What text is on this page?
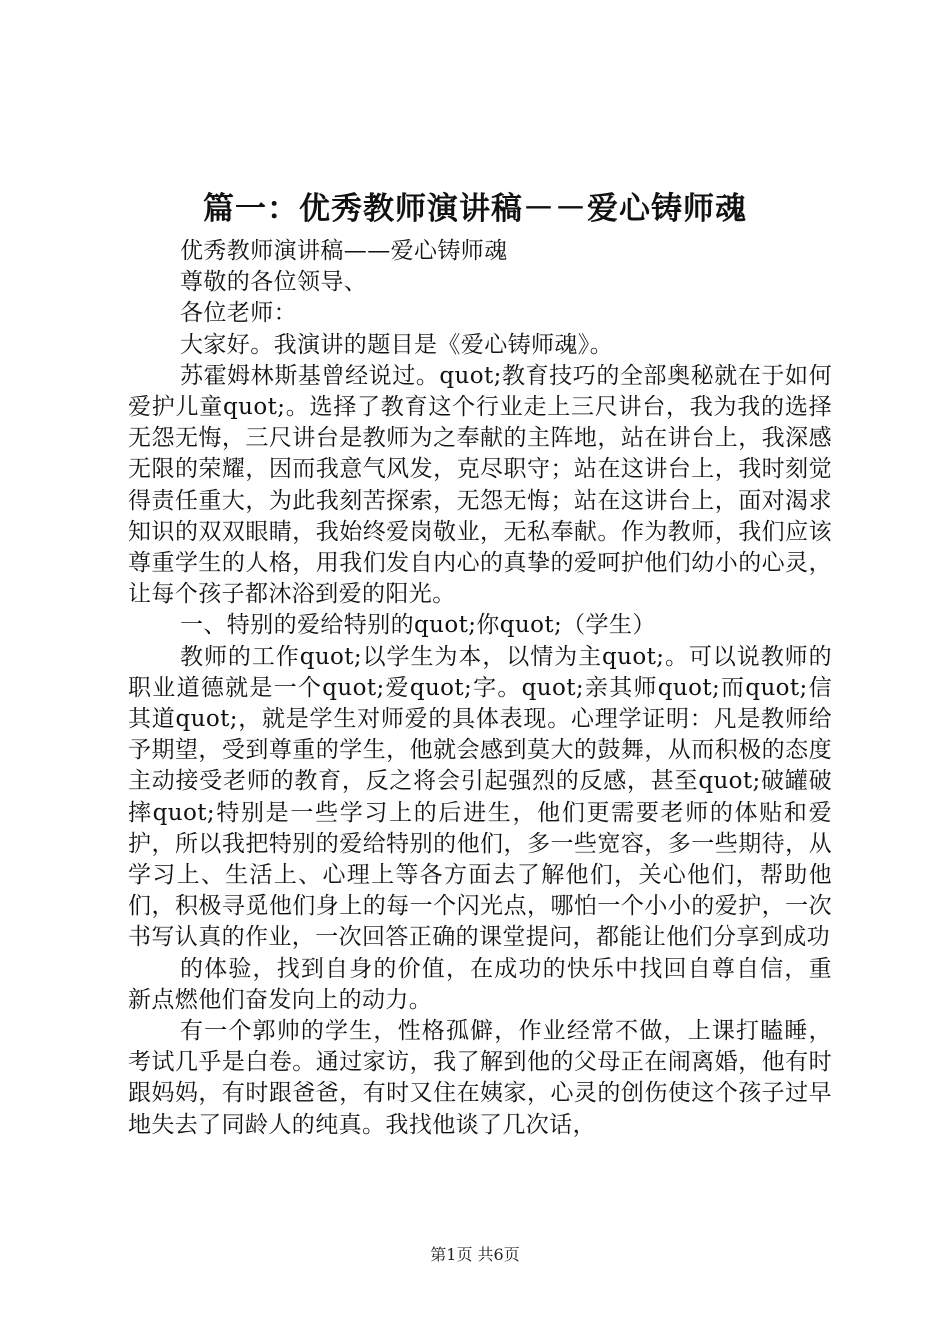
篇一：优秀教师演讲稿－－爱心铸师魂

优秀教师演讲稿——爱心铸师魂

尊敬的各位领导、

各位老师：

大家好。我演讲的题目是《爱心铸师魂》。

苏霍姆林斯基曾经说过。quot;教育技巧的全部奥秘就在于如何爱护儿童quot;。选择了教育这个行业走上三尺讲台，我为我的选择无怨无悔，三尺讲台是教师为之奉献的主阵地，站在讲台上，我深感无限的荣耀，因而我意气风发，克尽职守；站在这讲台上，我时刻觉得责任重大，为此我刻苦探索，无怨无悔；站在这讲台上，面对渴求知识的双双眼睛，我始终爱岗敬业，无私奉献。作为教师，我们应该尊重学生的人格，用我们发自内心的真挚的爱呵护他们幼小的心灵，让每个孩子都沐浴到爱的阳光。

一、特别的爱给特别的quot;你quot;（学生）

教师的工作quot;以学生为本，以情为主quot;。可以说教师的职业道德就是一个quot;爱quot;字。quot;亲其师quot;而quot;信其道quot;，就是学生对师爱的具体表现。心理学证明：凡是教师给予期望，受到尊重的学生，他就会感到莫大的鼓舞，从而积极的态度主动接受老师的教育，反之将会引起强烈的反感，甚至quot;破罐破摔quot;特别是一些学习上的后进生，他们更需要老师的体贴和爱护，所以我把特别的爱给特别的他们，多一些宽容，多一些期待，从学习上、生活上、心理上等各方面去了解他们，关心他们，帮助他们，积极寻觅他们身上的每一个闪光点，哪怕一个小小的爱护，一次书写认真的作业，一次回答正确的课堂提问，都能让他们分享到成功

的体验，找到自身的价值，在成功的快乐中找回自尊自信，重新点燃他们奋发向上的动力。

有一个郭帅的学生，性格孤僻，作业经常不做，上课打瞌睡，考试几乎是白卷。通过家访，我了解到他的父母正在闹离婚，他有时跟妈妈，有时跟爸爸，有时又住在姨家，心灵的创伤使这个孩子过早地失去了同龄人的纯真。我找他谈了几次话，

第1页 共6页
